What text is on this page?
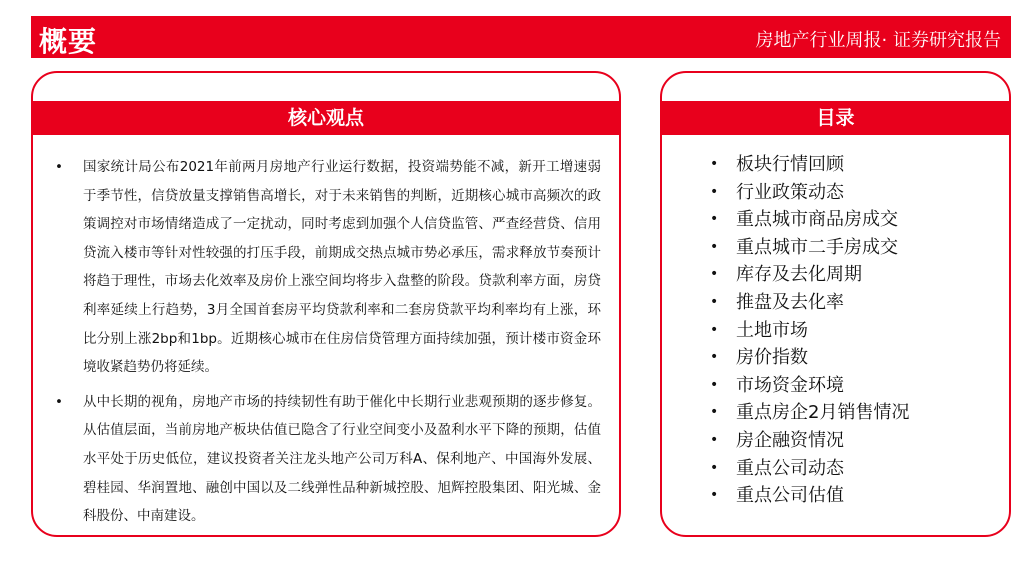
概要	房地产行业周报· 证券研究报告
核心观点
• 国家统计局公布2021年前两月房地产行业运行数据，投资端势能不减，新开工增速弱于季节性，信贷放量支撑销售高增长，对于未来销售的判断，近期核心城市高频次的政策调控对市场情绪造成了一定扰动，同时考虑到加强个人信贷监管、严查经营贷、信用贷流入楼市等针对性较强的打压手段，前期成交热点城市势必承压，需求释放节奏预计将趋于理性，市场去化效率及房价上涨空间均将步入盘整的阶段。贷款利率方面，房贷利率延续上行趋势，3月全国首套房平均贷款利率和二套房贷款平均利率均有上涨，环比分别上涨2bp和1bp。近期核心城市在住房信贷管理方面持续加强，预计楼市资金环境收紧趋势仍将延续。
• 从中长期的视角，房地产市场的持续韧性有助于催化中长期行业悲观预期的逐步修复。从估值层面，当前房地产板块估值已隐含了行业空间变小及盈利水平下降的预期，估值水平处于历史低位，建议投资者关注龙头地产公司万科A、保利地产、中国海外发展、碧桂园、华润置地、融创中国以及二线弹性品种新城控股、旭辉控股集团、阳光城、金科股份、中南建设。
目录
• 板块行情回顾
• 行业政策动态
• 重点城市商品房成交
• 重点城市二手房成交
• 库存及去化周期
• 推盘及去化率
• 土地市场
• 房价指数
• 市场资金环境
• 重点房企2月销售情况
• 房企融资情况
• 重点公司动态
• 重点公司估值
